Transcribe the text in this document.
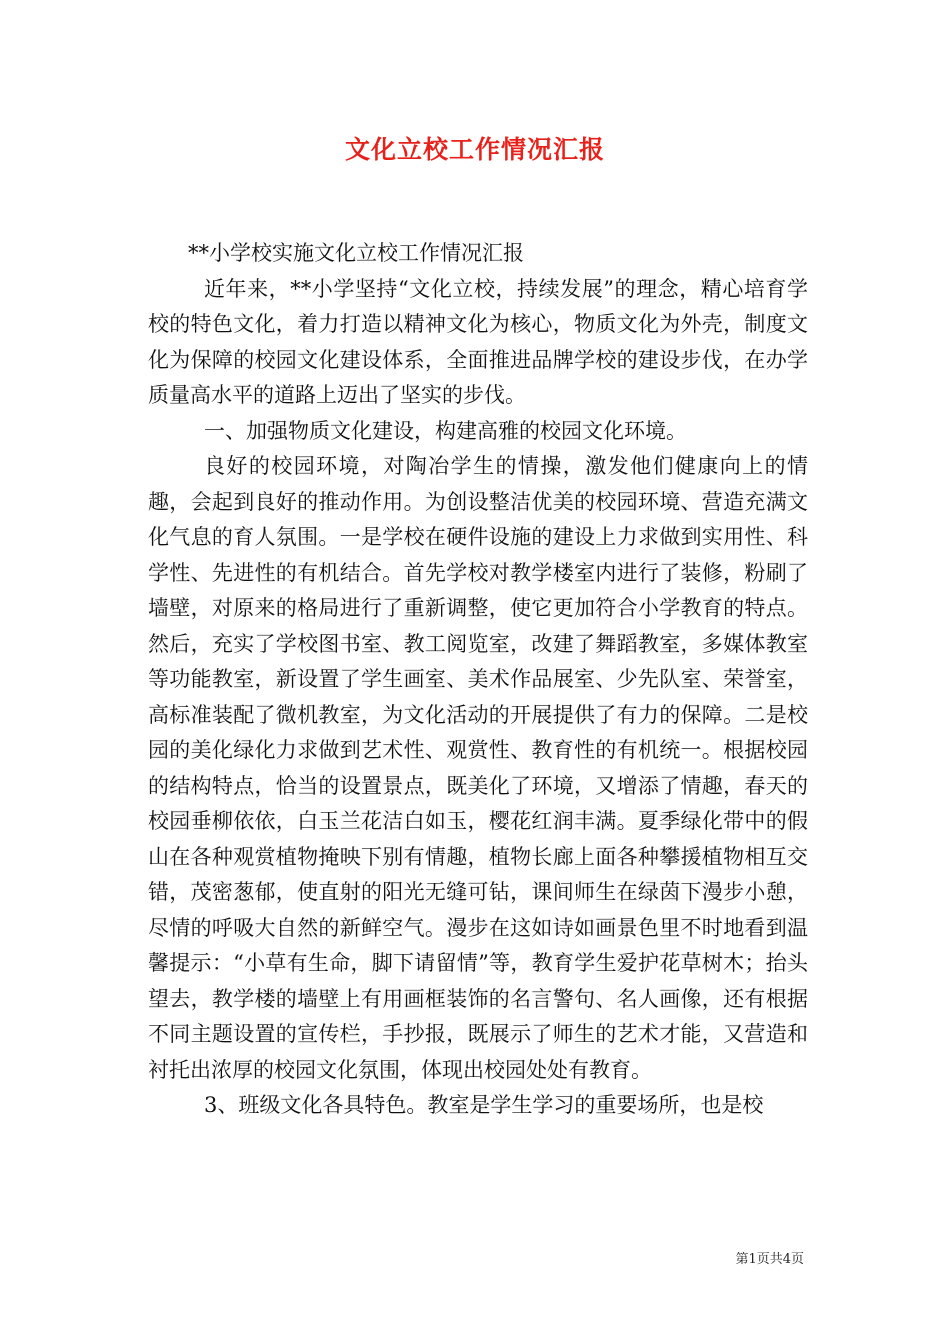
文化立校工作情况汇报

**小学校实施文化立校工作情况汇报

近年来，**小学坚持“文化立校，持续发展”的理念，精心培育学校的特色文化，着力打造以精神文化为核心，物质文化为外壳，制度文化为保障的校园文化建设体系，全面推进品牌学校的建设步伐，在办学质量高水平的道路上迈出了坚实的步伐。

一、加强物质文化建设，构建高雅的校园文化环境。

良好的校园环境，对陶冶学生的情操，激发他们健康向上的情趣，会起到良好的推动作用。为创设整洁优美的校园环境、营造充满文化气息的育人氛围。一是学校在硬件设施的建设上力求做到实用性、科学性、先进性的有机结合。首先学校对教学楼室内进行了装修，粉刷了墙壁，对原来的格局进行了重新调整，使它更加符合小学教育的特点。然后，充实了学校图书室、教工阅览室，改建了舞蹈教室，多媒体教室等功能教室，新设置了学生画室、美术作品展室、少先队室、荣誉室，高标准装配了微机教室，为文化活动的开展提供了有力的保障。二是校园的美化绿化力求做到艺术性、观赏性、教育性的有机统一。根据校园的结构特点，恰当的设置景点，既美化了环境，又增添了情趣，春天的校园垂柳依依，白玉兰花洁白如玉，樱花红润丰满。夏季绿化带中的假山在各种观赏植物掩映下别有情趣，植物长廊上面各种攀援植物相互交错，茂密葱郁，使直射的阳光无缝可钻，课间师生在绿茵下漫步小憩，尽情的呼吸大自然的新鲜空气。漫步在这如诗如画景色里不时地看到温馨提示：“小草有生命，脚下请留情”等，教育学生爱护花草树木；抬头望去，教学楼的墙壁上有用画框装饰的名言警句、名人画像，还有根据不同主题设置的宣传栏，手抄报，既展示了师生的艺术才能，又营造和衬托出浓厚的校园文化氛围，体现出校园处处有教育。

3、班级文化各具特色。教室是学生学习的重要场所，也是校

第1页共4页
